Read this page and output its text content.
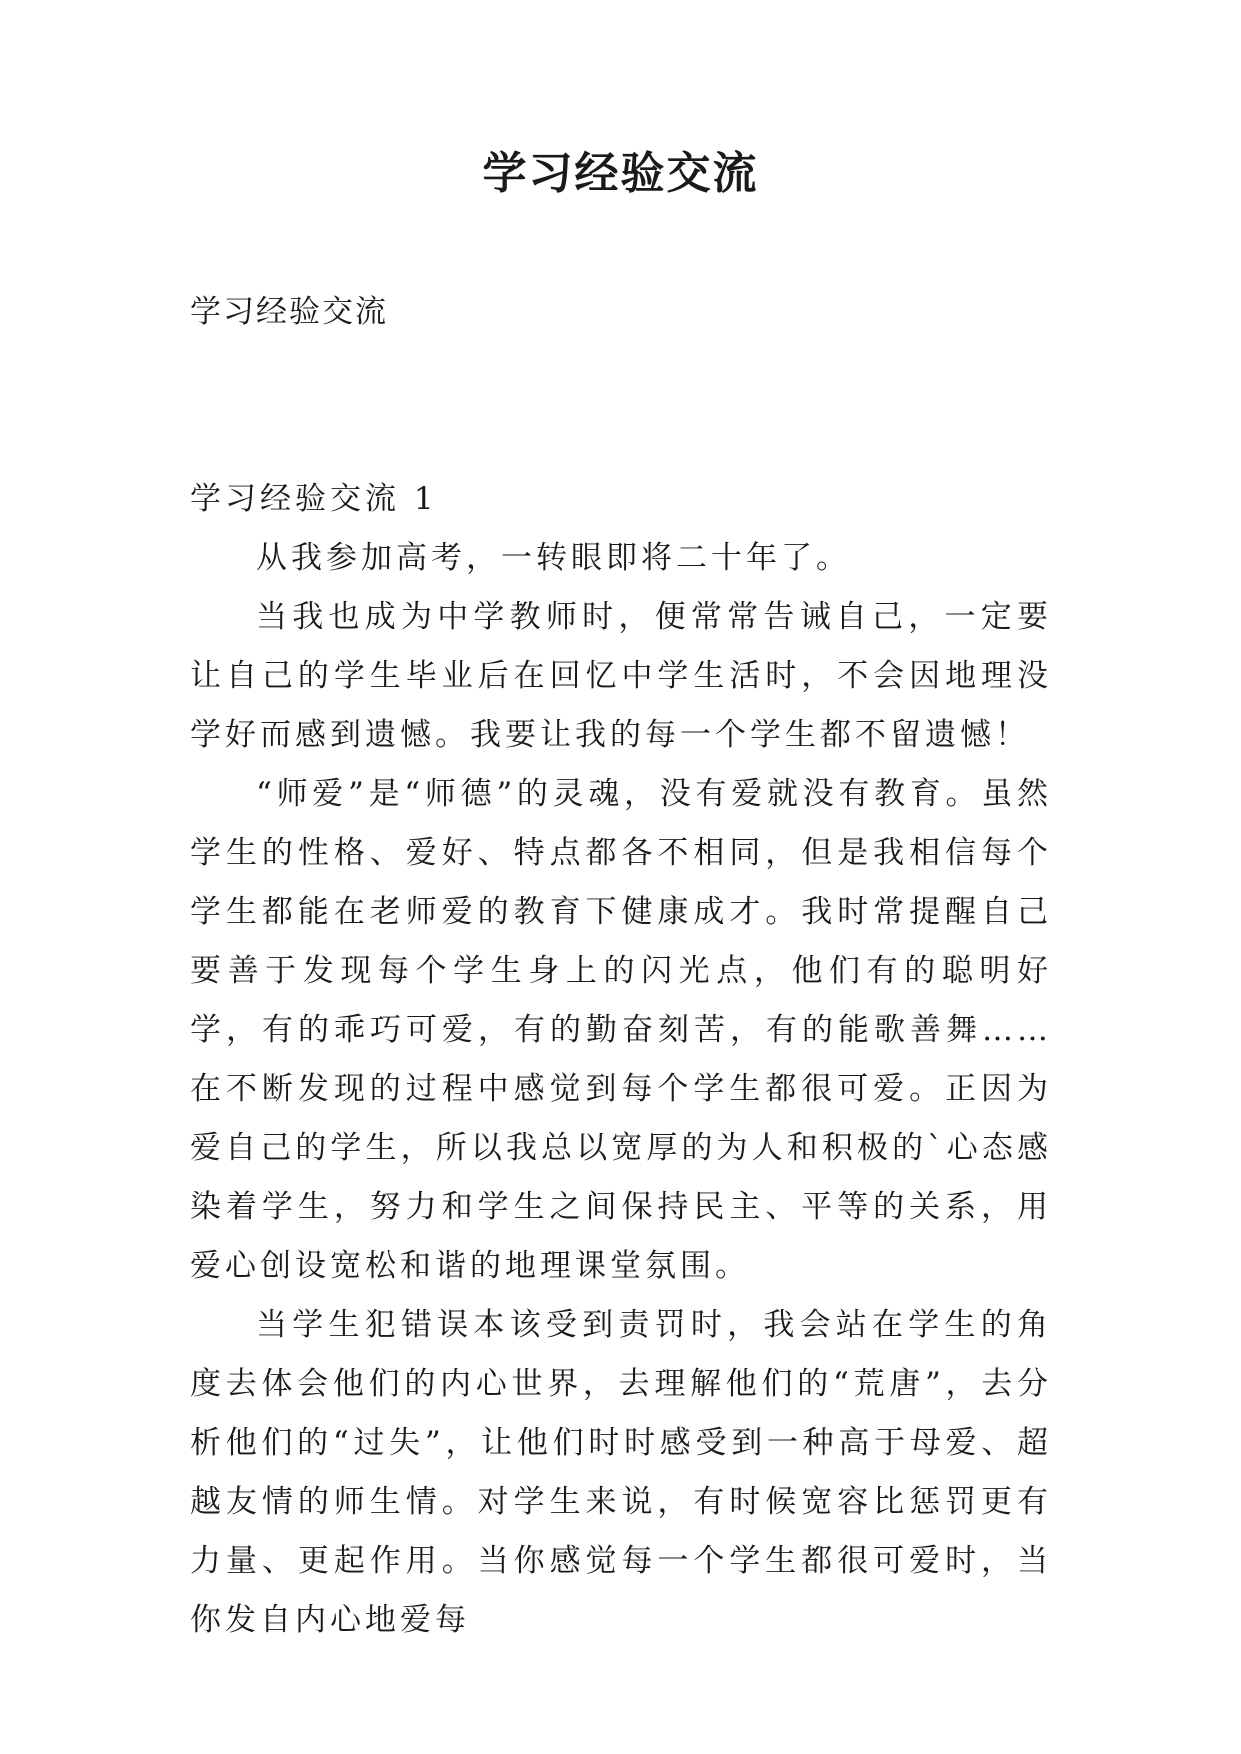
学习经验交流

学习经验交流

学习经验交流 1

从我参加高考，一转眼即将二十年了。

当我也成为中学教师时，便常常告诫自己，一定要让自己的学生毕业后在回忆中学生活时，不会因地理没学好而感到遗憾。我要让我的每一个学生都不留遗憾！

“师爱”是“师德”的灵魂，没有爱就没有教育。虽然学生的性格、爱好、特点都各不相同，但是我相信每个学生都能在老师爱的教育下健康成才。我时常提醒自己要善于发现每个学生身上的闪光点，他们有的聪明好学，有的乖巧可爱，有的勤奋刻苦，有的能歌善舞……在不断发现的过程中感觉到每个学生都很可爱。正因为爱自己的学生，所以我总以宽厚的为人和积极的`心态感染着学生，努力和学生之间保持民主、平等的关系，用爱心创设宽松和谐的地理课堂氛围。

当学生犯错误本该受到责罚时，我会站在学生的角度去体会他们的内心世界，去理解他们的“荒唐”，去分析他们的“过失”，让他们时时感受到一种高于母爱、超越友情的师生情。对学生来说，有时候宽容比惩罚更有力量、更起作用。当你感觉每一个学生都很可爱时，当你发自内心地爱每
